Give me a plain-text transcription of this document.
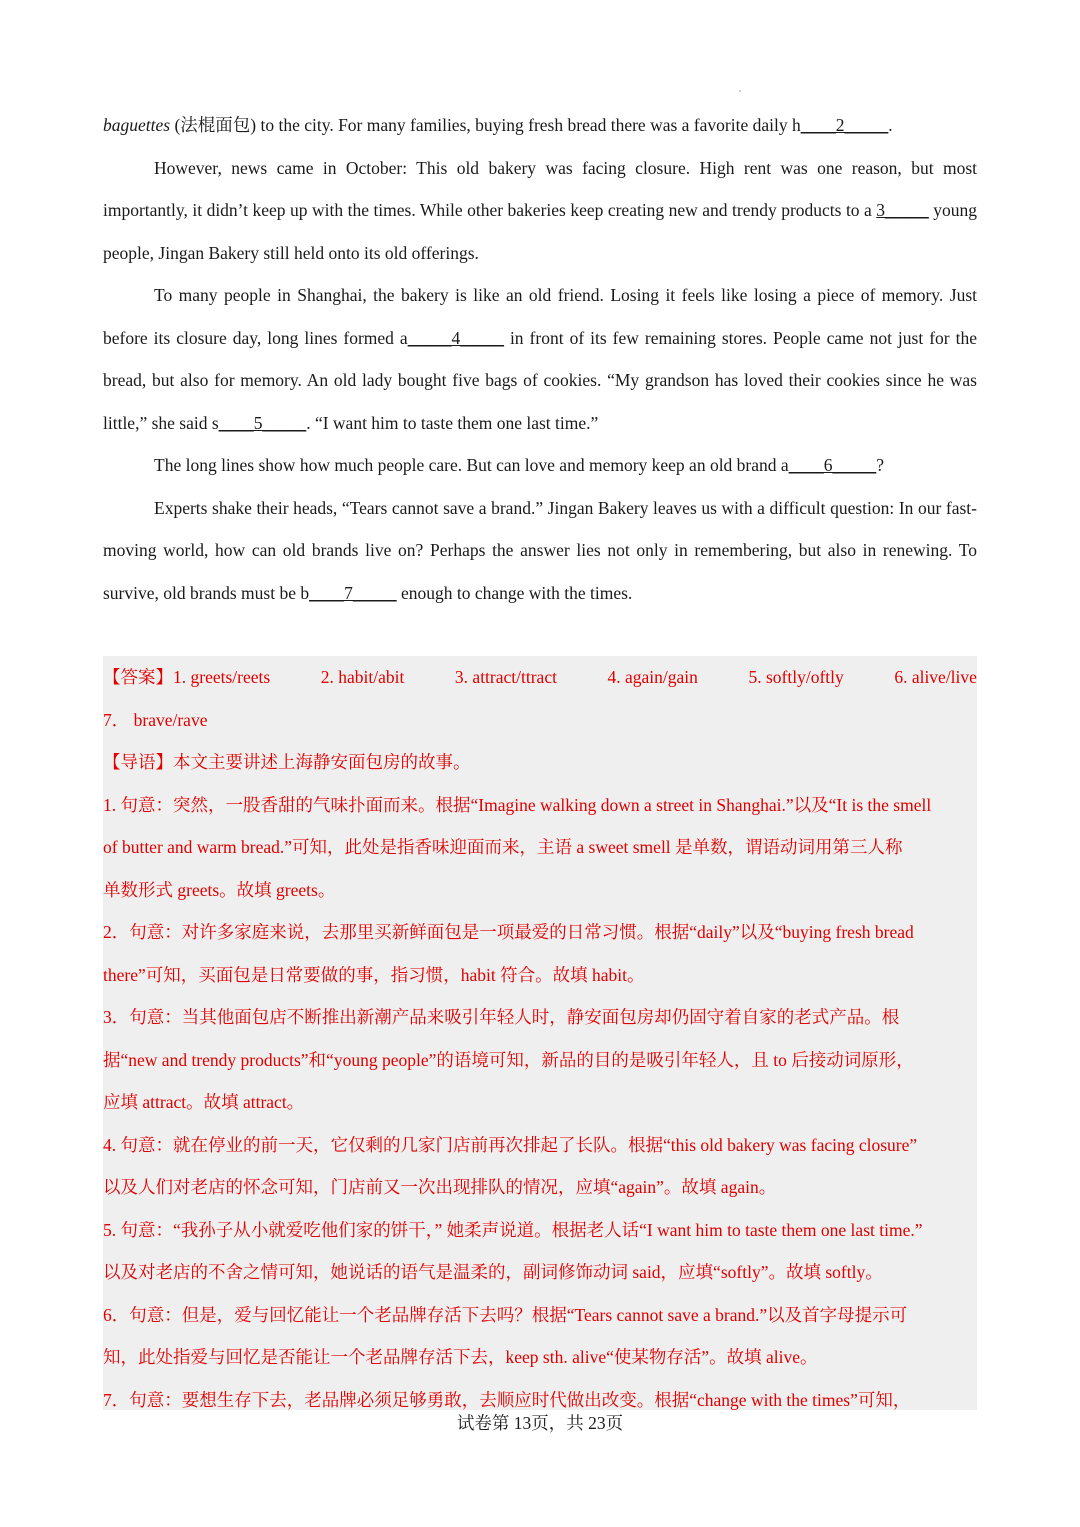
baguettes (法棍面包) to the city. For many families, buying fresh bread there was a favorite daily h____2_____.

However, news came in October: This old bakery was facing closure. High rent was one reason, but most importantly, it didn’t keep up with the times. While other bakeries keep creating new and trendy products to a 3_____ young people, Jingan Bakery still held onto its old offerings.

To many people in Shanghai, the bakery is like an old friend. Losing it feels like losing a piece of memory. Just before its closure day, long lines formed a_____4_____ in front of its few remaining stores. People came not just for the bread, but also for memory. An old lady bought five bags of cookies. “My grandson has loved their cookies since he was little,” she said s____5_____. “I want him to taste them one last time.”

The long lines show how much people care. But can love and memory keep an old brand a____6_____?

Experts shake their heads, “Tears cannot save a brand.” Jingan Bakery leaves us with a difficult question: In our fast-moving world, how can old brands live on? Perhaps the answer lies not only in remembering, but also in renewing. To survive, old brands must be b____7_____ enough to change with the times.

【答案】1. greets/reets	2. habit/abit	3. attract/ttract	4. again/gain	5. softly/oftly	6. alive/live

7． brave/rave

【导语】本文主要讲述上海静安面包房的故事。

1. 句意：突然，一股香甜的气味扑面而来。根据“Imagine walking down a street in Shanghai.”以及“It is the smell

of butter and warm bread.”可知，此处是指香味迎面而来，主语 a sweet smell 是单数，谓语动词用第三人称

单数形式 greets。故填 greets。

2．句意：对许多家庭来说，去那里买新鲜面包是一项最爱的日常习惯。根据“daily”以及“buying fresh bread

there”可知，买面包是日常要做的事，指习惯，habit 符合。故填 habit。

3．句意：当其他面包店不断推出新潮产品来吸引年轻人时，静安面包房却仍固守着自家的老式产品。根

据“new and trendy products”和“young people”的语境可知，新品的目的是吸引年轻人，且 to 后接动词原形，

应填 attract。故填 attract。

4. 句意：就在停业的前一天，它仅剩的几家门店前再次排起了长队。根据“this old bakery was facing closure”

以及人们对老店的怀念可知，门店前又一次出现排队的情况，应填“again”。故填 again。

5. 句意：“我孙子从小就爱吃他们家的饼干，” 她柔声说道。根据老人话“I want him to taste them one last time.”

以及对老店的不舍之情可知，她说话的语气是温柔的，副词修饰动词 said，应填“softly”。故填 softly。

6．句意：但是，爱与回忆能让一个老品牌存活下去吗？根据“Tears cannot save a brand.”以及首字母提示可

知，此处指爱与回忆是否能让一个老品牌存活下去，keep sth. alive“使某物存活”。故填 alive。

7．句意：要想生存下去，老品牌必须足够勇敢，去顺应时代做出改变。根据“change with the times”可知，

试卷第 13页，共 23页
